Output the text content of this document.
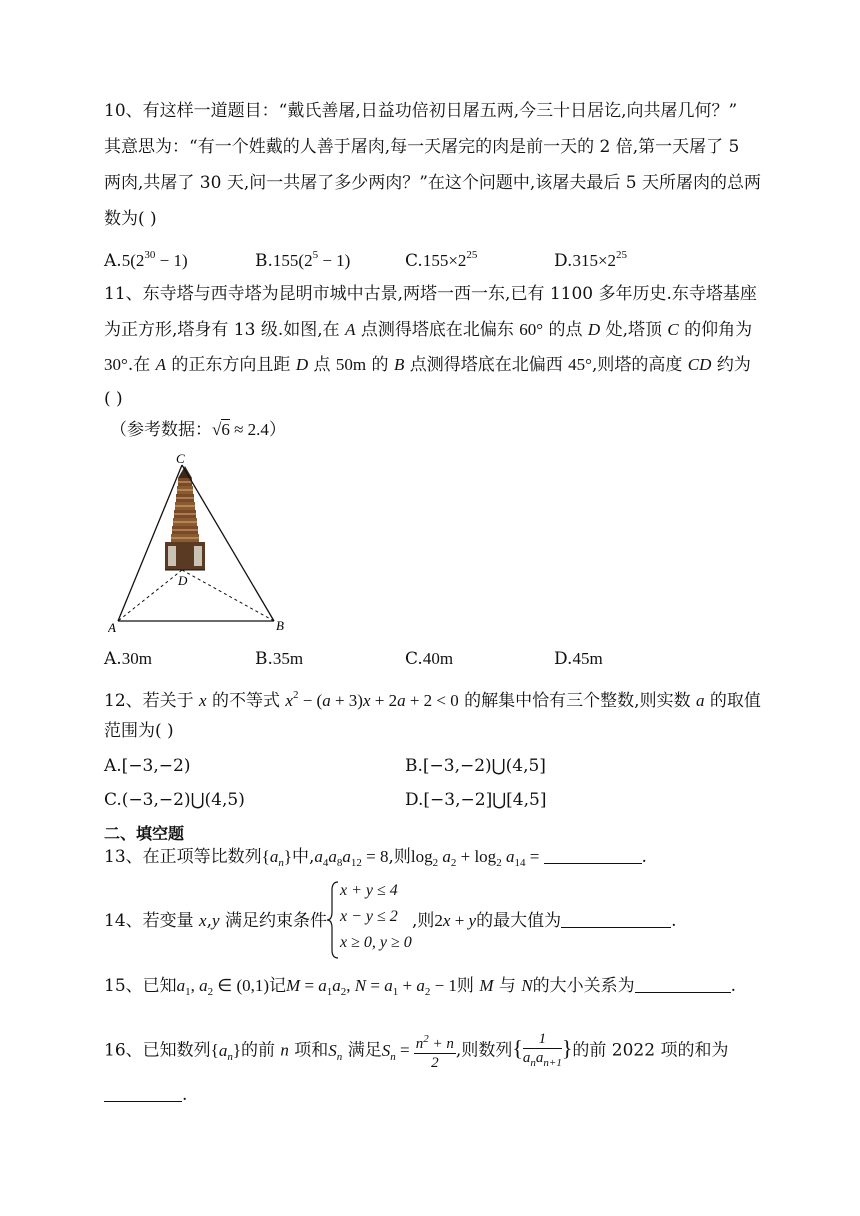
10、有这样一道题目：“戴氏善屠,日益功倍初日屠五两,今三十日居讫,向共屠几何？”
其意思为：“有一个姓戴的人善于屠肉,每一天屠完的肉是前一天的 2 倍,第一天屠了 5
两肉,共屠了 30 天,问一共屠了多少两肉？”在这个问题中,该屠夫最后 5 天所屠肉的总两
数为( )
$A.5(2^{30} - 1)$	$B.155(2^5 - 1)$	$C.155\times 2^{25}$	$D.315\times 2^{25}$
11、东寺塔与西寺塔为昆明市城中古景,两塔一西一东,已有 1100 多年历史.东寺塔基座
为正方形,塔身有 13 级.如图,在 A 点测得塔底在北偏东 60° 的点 D 处,塔顶 C 的仰角为
30°.在 A 的正东方向且距 D 点 50m 的 B 点测得塔底在北偏西 45°,则塔的高度 CD 约为
( )
（参考数据：√6 ≈ 2.4）
C
D
A	B
A.30m	B.35m	C.40m	D.45m
12、若关于 x 的不等式 $x^2 - (a + 3)x + 2a + 2 < 0$ 的解集中恰有三个整数,则实数 a 的取值
范围为( )
A.[−3,−2)	B.[−3,−2)⋃(4,5]
C.(−3,−2)⋃(4,5)	D.[−3,−2]⋃[4,5]
二、填空题
13、在正项等比数列$\{a_n\}$中$,a_4a_8a_{12} = 8$,则$\log_2 a_2 + \log_2 a_{14}$ =	.
14、若变量 x,y 满足约束条件
x + y ≤ 4
x − y ≤ 2
x ≥ 0, y ≥ 0
,则2x + y的最大值为	.
15、已知$a_1$, $a_2$ ∈ (0,1)记$M = a_1a_2$, $N = a_1 + a_2 - 1$则 M 与 N的大小关系为	.
16、已知数列$\{a_n\}$的前 n 项和$S_n$ 满足$S_n = \frac{n^2 + n}{2}$ ,则数列{ $\frac{1}{a_na_{n+1}}$ }的前 2022 项的和为
.
